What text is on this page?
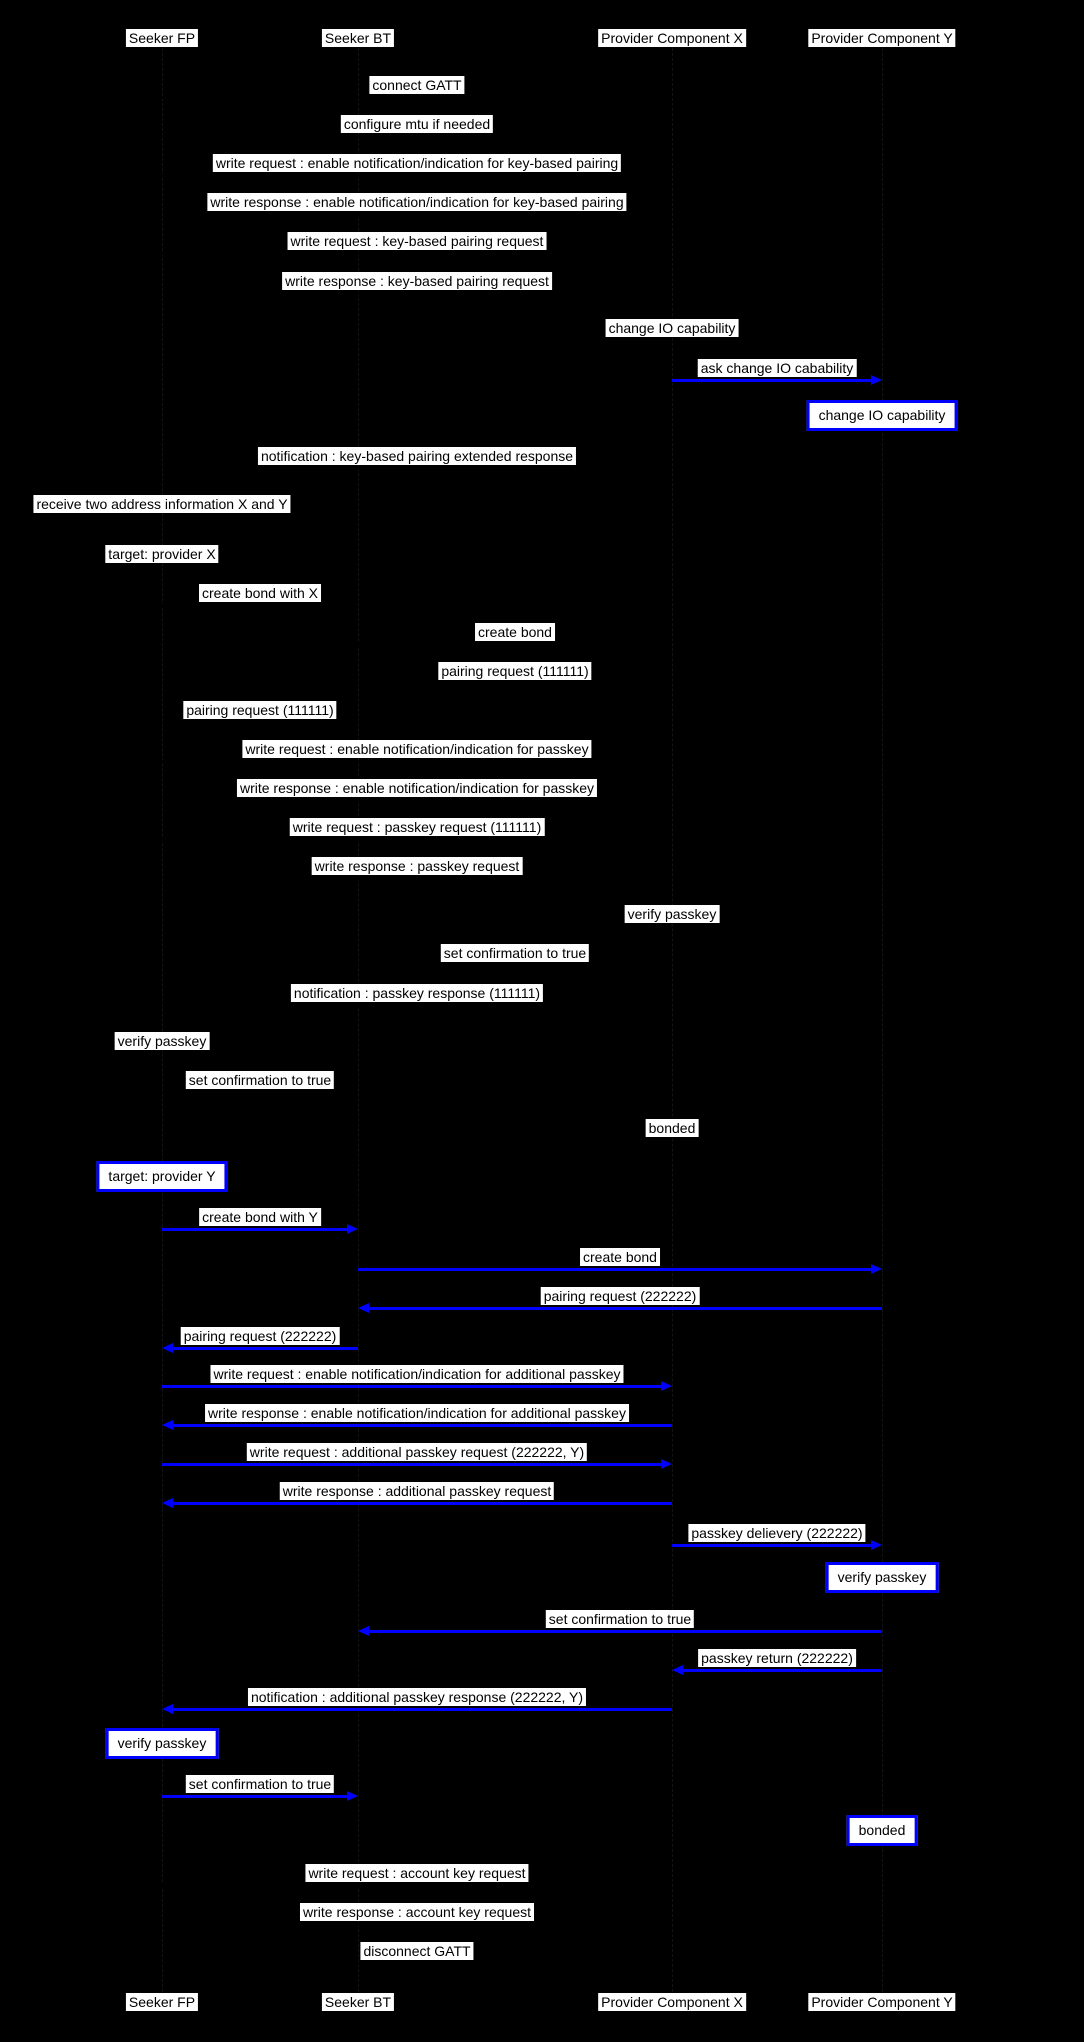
Seeker FP
Seeker FP
Seeker BT
Seeker BT
Provider Component X
Provider Component X
Provider Component Y
Provider Component Y
connect GATT
configure mtu if needed
write request : enable notification/indication for key-based pairing
write response : enable notification/indication for key-based pairing
write request : key-based pairing request
write response : key-based pairing request
change IO capability
ask change IO cabability
change IO capability
notification : key-based pairing extended response
receive two address information X and Y
target: provider X
create bond with X
create bond
pairing request (111111)
pairing request (111111)
write request : enable notification/indication for passkey
write response : enable notification/indication for passkey
write request : passkey request (111111)
write response : passkey request
verify passkey
set confirmation to true
notification : passkey response (111111)
verify passkey
set confirmation to true
bonded
target: provider Y
create bond with Y
create bond
pairing request (222222)
pairing request (222222)
write request : enable notification/indication for additional passkey
write response : enable notification/indication for additional passkey
write request : additional passkey request (222222, Y)
write response : additional passkey request
passkey delievery (222222)
verify passkey
set confirmation to true
passkey return (222222)
notification : additional passkey response (222222, Y)
verify passkey
set confirmation to true
bonded
write request : account key request
write response : account key request
disconnect GATT
